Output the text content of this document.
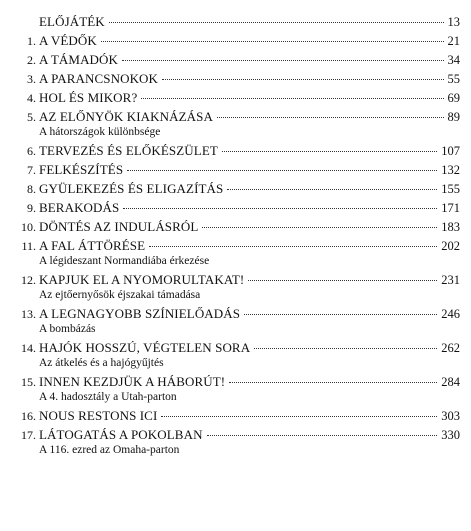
ELŐJÁTÉK	13
1. A VÉDŐK	21
2. A TÁMADÓK	34
3. A PARANCSNOKOK	55
4. HOL ÉS MIKOR?	69
5. AZ ELŐNYÖK KIAKNÁZÁSA	89
A hátországok különbsége
6. TERVEZÉS ÉS ELŐKÉSZÜLET	107
7. FELKÉSZÍTÉS	132
8. GYÜLEKEZÉS ÉS ELIGAZÍTÁS	155
9. BERAKODÁS	171
10. DÖNTÉS AZ INDULÁSRÓL	183
11. A FAL ÁTTÖRÉSE	202
A légideszant Normandiába érkezése
12. KAPJUK EL A NYOMORULTAKAT!	231
Az ejtőernyősök éjszakai támadása
13. A LEGNAGYOBB SZÍNIELŐADÁS	246
A bombázás
14. HAJÓK HOSSZÚ, VÉGTELEN SORA	262
Az átkelés és a hajógyűjtés
15. INNEN KEZDJÜK A HÁBORÚT!	284
A 4. hadosztály a Utah-parton
16. NOUS RESTONS ICI	303
17. LÁTOGATÁS A POKOLBAN	330
A 116. ezred az Omaha-parton
